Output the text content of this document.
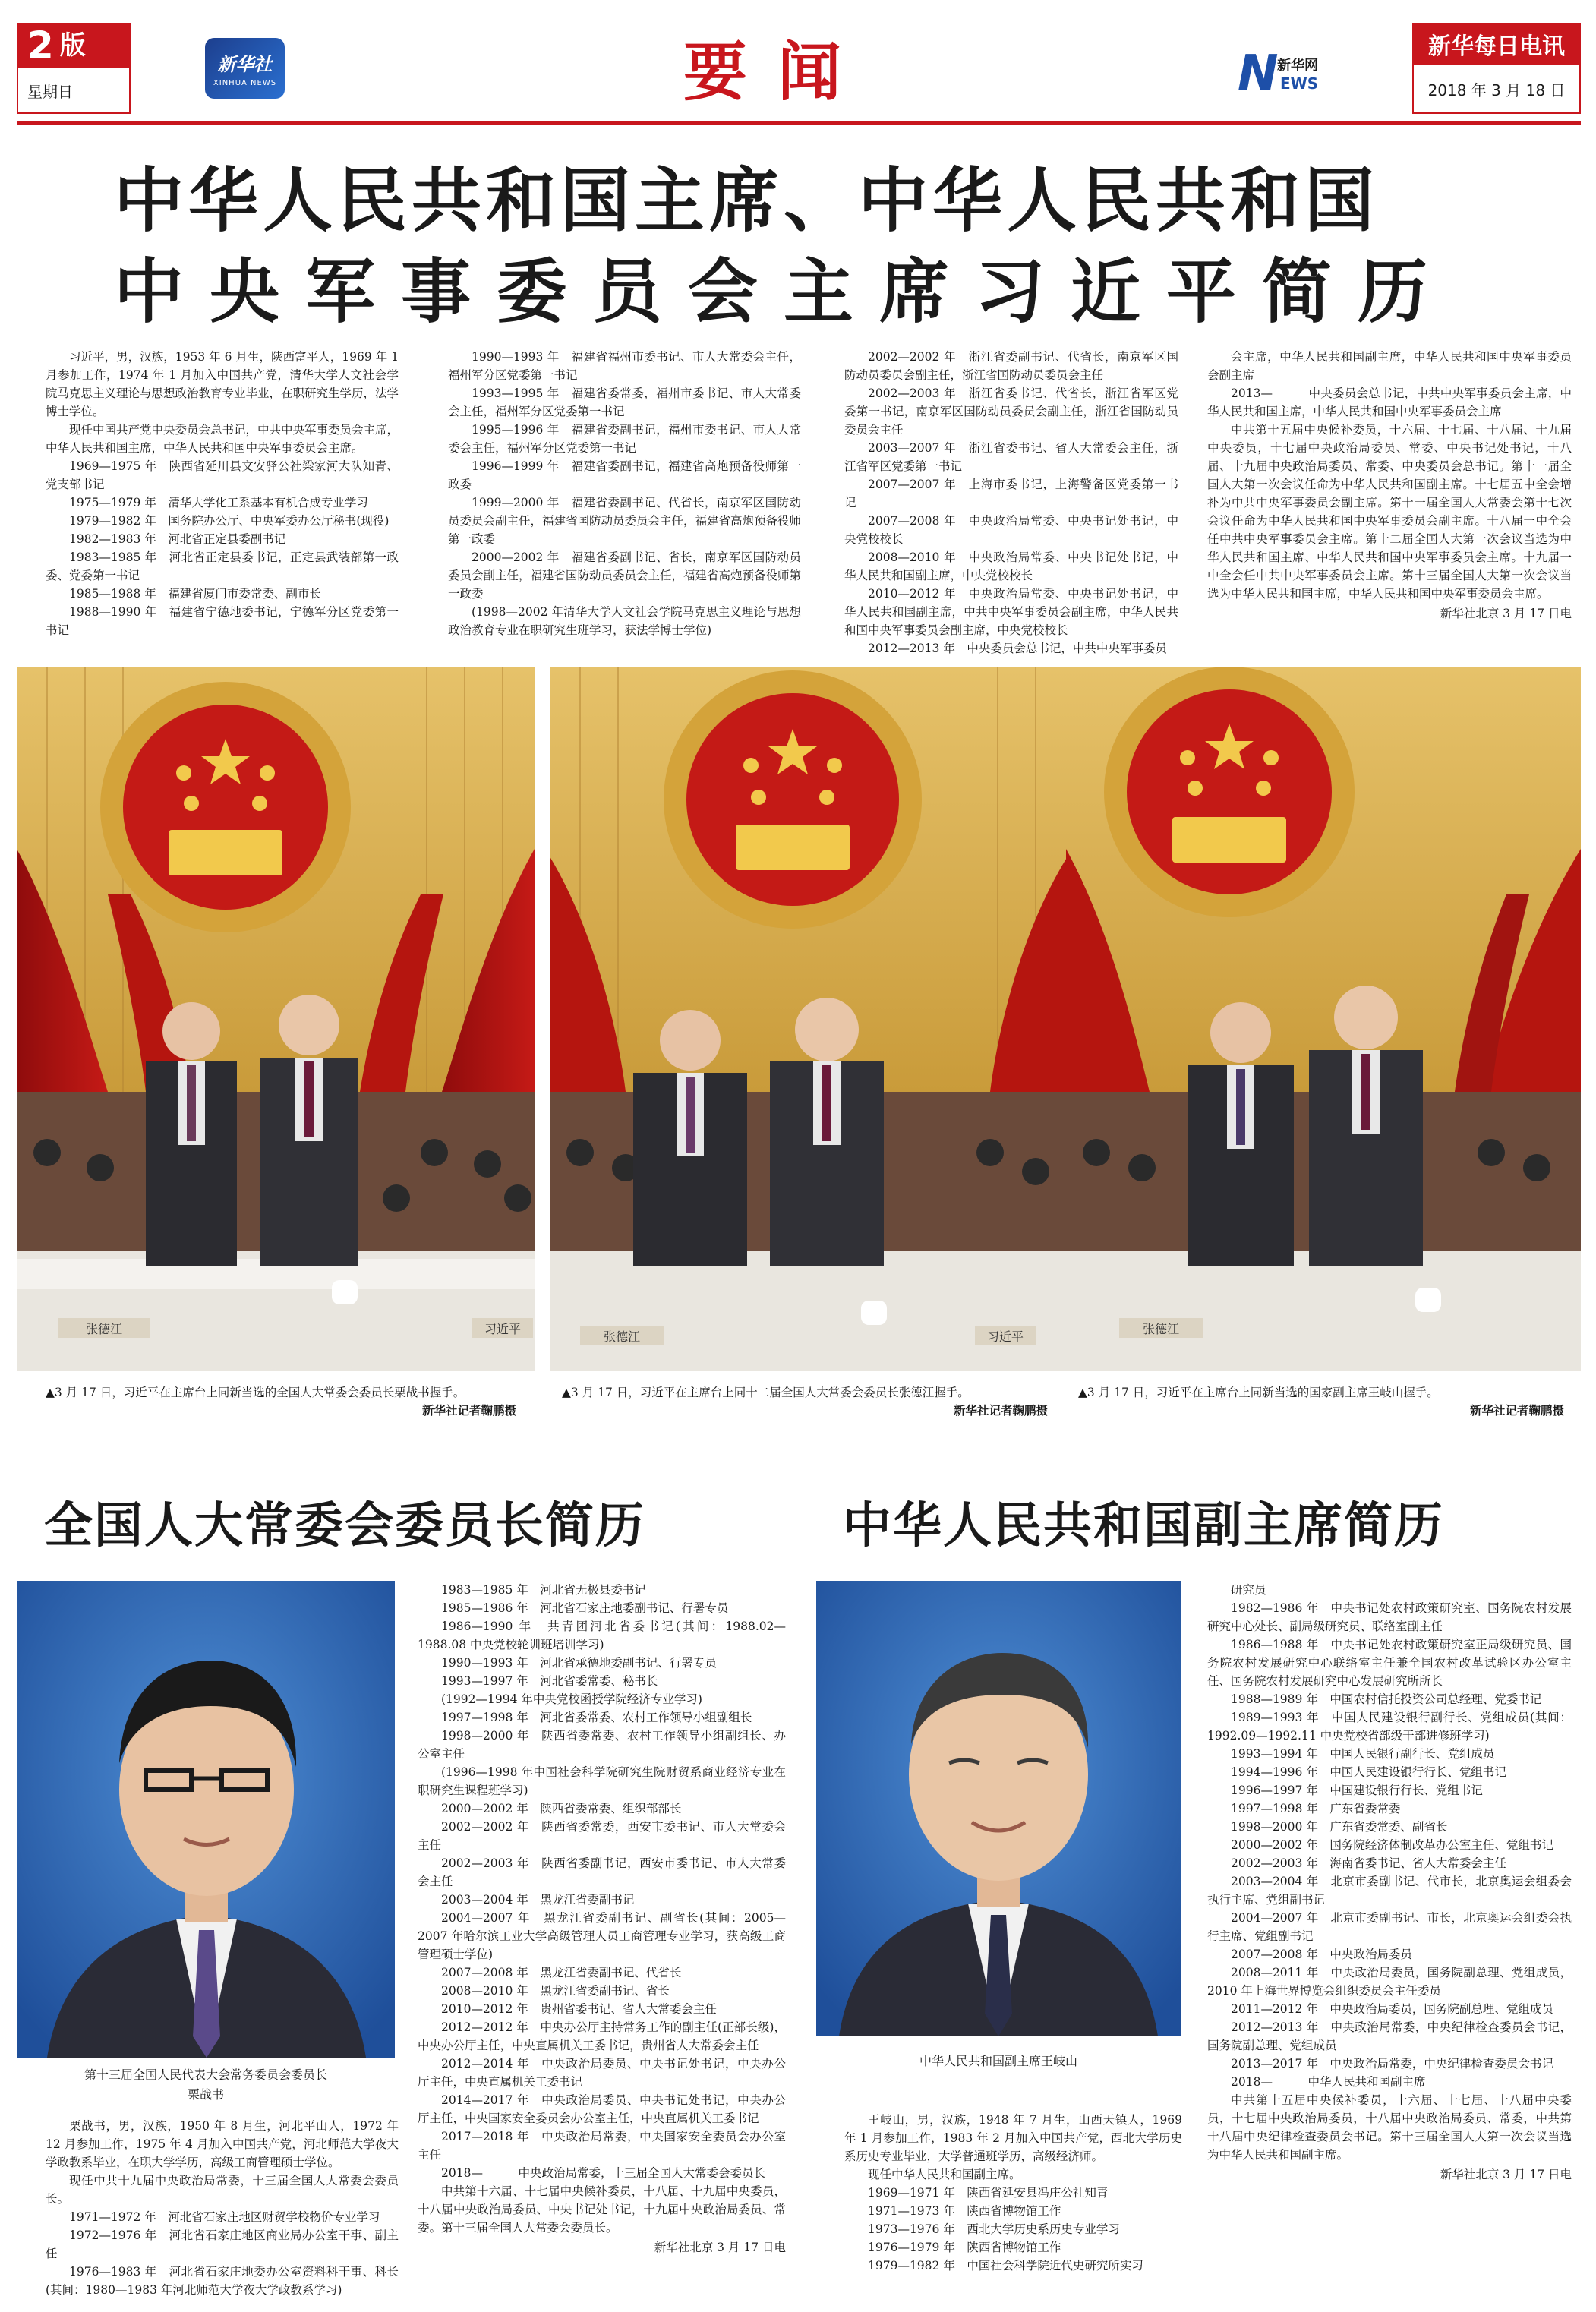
2 版
星期日
新华社
XINHUA NEWS	要闻	N
新华网
EWS
新华每日电讯
2018 年 3 月 18 日
中华人民共和国主席、中华人民共和国
中央军事委员会主席习近平简历

习近平，男，汉族，1953 年 6 月生，陕西富平人，1969 年 1 月参加工作，1974 年 1 月加入中国共产党，清华大学人文社会学院马克思主义理论与思想政治教育专业毕业，在职研究生学历，法学博士学位。

现任中国共产党中央委员会总书记，中共中央军事委员会主席，中华人民共和国主席，中华人民共和国中央军事委员会主席。

1969—1975 年　陕西省延川县文安驿公社梁家河大队知青、党支部书记

1975—1979 年　清华大学化工系基本有机合成专业学习

1979—1982 年　国务院办公厅、中央军委办公厅秘书(现役)

1982—1983 年　河北省正定县委副书记

1983—1985 年　河北省正定县委书记，正定县武装部第一政委、党委第一书记

1985—1988 年　福建省厦门市委常委、副市长

1988—1990 年　福建省宁德地委书记，宁德军分区党委第一书记

1990—1993 年　福建省福州市委书记、市人大常委会主任，福州军分区党委第一书记

1993—1995 年　福建省委常委，福州市委书记、市人大常委会主任，福州军分区党委第一书记

1995—1996 年　福建省委副书记，福州市委书记、市人大常委会主任，福州军分区党委第一书记

1996—1999 年　福建省委副书记，福建省高炮预备役师第一政委

1999—2000 年　福建省委副书记、代省长，南京军区国防动员委员会副主任，福建省国防动员委员会主任，福建省高炮预备役师第一政委

2000—2002 年　福建省委副书记、省长，南京军区国防动员委员会副主任，福建省国防动员委员会主任，福建省高炮预备役师第一政委

(1998—2002 年清华大学人文社会学院马克思主义理论与思想政治教育专业在职研究生班学习，获法学博士学位)

2002—2002 年　浙江省委副书记、代省长，南京军区国防动员委员会副主任，浙江省国防动员委员会主任

2002—2003 年　浙江省委书记、代省长，浙江省军区党委第一书记，南京军区国防动员委员会副主任，浙江省国防动员委员会主任

2003—2007 年　浙江省委书记、省人大常委会主任，浙江省军区党委第一书记

2007—2007 年　上海市委书记，上海警备区党委第一书记

2007—2008 年　中央政治局常委、中央书记处书记，中央党校校长

2008—2010 年　中央政治局常委、中央书记处书记，中华人民共和国副主席，中央党校校长

2010—2012 年　中央政治局常委、中央书记处书记，中华人民共和国副主席，中共中央军事委员会副主席，中华人民共和国中央军事委员会副主席，中央党校校长

2012—2013 年　中央委员会总书记，中共中央军事委员

会主席，中华人民共和国副主席，中华人民共和国中央军事委员会副主席

2013—　　　中央委员会总书记，中共中央军事委员会主席，中华人民共和国主席，中华人民共和国中央军事委员会主席

中共第十五届中央候补委员，十六届、十七届、十八届、十九届中央委员，十七届中央政治局委员、常委、中央书记处书记，十八届、十九届中央政治局委员、常委、中央委员会总书记。第十一届全国人大第一次会议任命为中华人民共和国副主席。十七届五中全会增补为中共中央军事委员会副主席。第十一届全国人大常委会第十七次会议任命为中华人民共和国中央军事委员会副主席。十八届一中全会任中共中央军事委员会主席。第十二届全国人大第一次会议当选为中华人民共和国主席、中华人民共和国中央军事委员会主席。十九届一中全会任中共中央军事委员会主席。第十三届全国人大第一次会议当选为中华人民共和国主席，中华人民共和国中央军事委员会主席。

新华社北京 3 月 17 日电

张德江	习近平
张德江	习近平
张德江
▲3 月 17 日，习近平在主席台上同新当选的全国人大常委会委员长栗战书握手。
新华社记者鞠鹏摄
▲3 月 17 日，习近平在主席台上同十二届全国人大常委会委员长张德江握手。
新华社记者鞠鹏摄
▲3 月 17 日，习近平在主席台上同新当选的国家副主席王岐山握手。

新华社记者鞠鹏摄
全国人大常委会委员长简历	中华人民共和国副主席简历
第十三届全国人民代表大会常务委员会委员长
栗战书

栗战书，男，汉族，1950 年 8 月生，河北平山人，1972 年 12 月参加工作，1975 年 4 月加入中国共产党，河北师范大学夜大学政教系毕业，在职大学学历，高级工商管理硕士学位。

现任中共十九届中央政治局常委，十三届全国人大常委会委员长。

1971—1972 年　河北省石家庄地区财贸学校物价专业学习

1972—1976 年　河北省石家庄地区商业局办公室干事、副主任

1976—1983 年　河北省石家庄地委办公室资料科干事、科长(其间：1980—1983 年河北师范大学夜大学政教系学习)

1983—1985 年　河北省无极县委书记

1985—1986 年　河北省石家庄地委副书记、行署专员

1986—1990 年　共青团河北省委书记(其间：1988.02—1988.08 中央党校轮训班培训学习)

1990—1993 年　河北省承德地委副书记、行署专员

1993—1997 年　河北省委常委、秘书长

(1992—1994 年中央党校函授学院经济专业学习)

1997—1998 年　河北省委常委、农村工作领导小组副组长

1998—2000 年　陕西省委常委、农村工作领导小组副组长、办公室主任

(1996—1998 年中国社会科学院研究生院财贸系商业经济专业在职研究生课程班学习)

2000—2002 年　陕西省委常委、组织部部长

2002—2002 年　陕西省委常委，西安市委书记、市人大常委会主任

2002—2003 年　陕西省委副书记，西安市委书记、市人大常委会主任

2003—2004 年　黑龙江省委副书记

2004—2007 年　黑龙江省委副书记、副省长(其间：2005—2007 年哈尔滨工业大学高级管理人员工商管理专业学习，获高级工商管理硕士学位)

2007—2008 年　黑龙江省委副书记、代省长

2008—2010 年　黑龙江省委副书记、省长

2010—2012 年　贵州省委书记、省人大常委会主任

2012—2012 年　中央办公厅主持常务工作的副主任(正部长级)，中央办公厅主任，中央直属机关工委书记，贵州省人大常委会主任

2012—2014 年　中央政治局委员、中央书记处书记，中央办公厅主任，中央直属机关工委书记

2014—2017 年　中央政治局委员、中央书记处书记，中央办公厅主任，中央国家安全委员会办公室主任，中央直属机关工委书记

2017—2018 年　中央政治局常委，中央国家安全委员会办公室主任

2018—　　　中央政治局常委，十三届全国人大常委会委员长

中共第十六届、十七届中央候补委员，十八届、十九届中央委员，十八届中央政治局委员、中央书记处书记，十九届中央政治局委员、常委。第十三届全国人大常委会委员长。

新华社北京 3 月 17 日电

中华人民共和国副主席王岐山

王岐山，男，汉族，1948 年 7 月生，山西天镇人，1969 年 1 月参加工作，1983 年 2 月加入中国共产党，西北大学历史系历史专业毕业，大学普通班学历，高级经济师。

现任中华人民共和国副主席。

1969—1971 年　陕西省延安县冯庄公社知青

1971—1973 年　陕西省博物馆工作

1973—1976 年　西北大学历史系历史专业学习

1976—1979 年　陕西省博物馆工作

1979—1982 年　中国社会科学院近代史研究所实习

研究员

1982—1986 年　中央书记处农村政策研究室、国务院农村发展研究中心处长、副局级研究员、联络室副主任

1986—1988 年　中央书记处农村政策研究室正局级研究员、国务院农村发展研究中心联络室主任兼全国农村改革试验区办公室主任、国务院农村发展研究中心发展研究所所长

1988—1989 年　中国农村信托投资公司总经理、党委书记

1989—1993 年　中国人民建设银行副行长、党组成员(其间：1992.09—1992.11 中央党校省部级干部进修班学习)

1993—1994 年　中国人民银行副行长、党组成员

1994—1996 年　中国人民建设银行行长、党组书记

1996—1997 年　中国建设银行行长、党组书记

1997—1998 年　广东省委常委

1998—2000 年　广东省委常委、副省长

2000—2002 年　国务院经济体制改革办公室主任、党组书记

2002—2003 年　海南省委书记、省人大常委会主任

2003—2004 年　北京市委副书记、代市长，北京奥运会组委会执行主席、党组副书记

2004—2007 年　北京市委副书记、市长，北京奥运会组委会执行主席、党组副书记

2007—2008 年　中央政治局委员

2008—2011 年　中央政治局委员，国务院副总理、党组成员，2010 年上海世界博览会组织委员会主任委员

2011—2012 年　中央政治局委员，国务院副总理、党组成员

2012—2013 年　中央政治局常委，中央纪律检查委员会书记，国务院副总理、党组成员

2013—2017 年　中央政治局常委，中央纪律检查委员会书记

2018—　　　中华人民共和国副主席

中共第十五届中央候补委员，十六届、十七届、十八届中央委员，十七届中央政治局委员，十八届中央政治局委员、常委，中共第十八届中央纪律检查委员会书记。第十三届全国人大第一次会议当选为中华人民共和国副主席。

新华社北京 3 月 17 日电
